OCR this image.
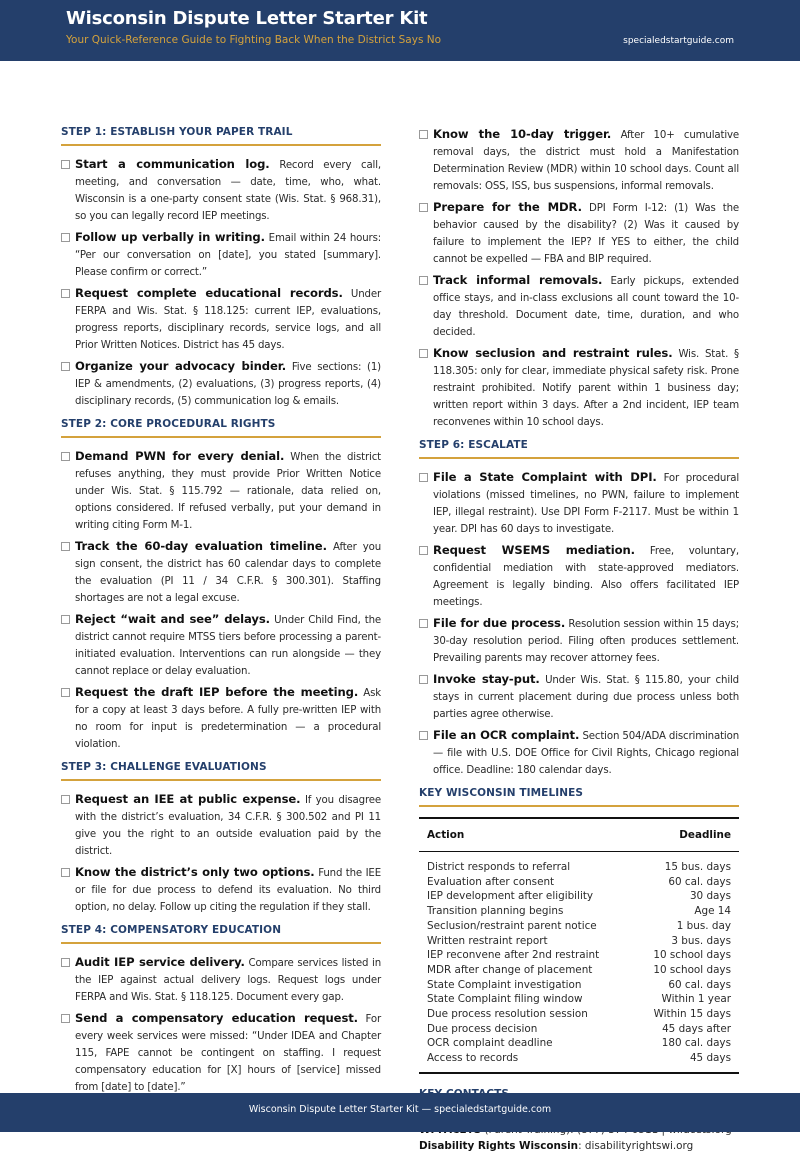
Wisconsin Dispute Letter Starter Kit
Your Quick-Reference Guide to Fighting Back When the District Says No	specialedstartguide.com
STEP 1: ESTABLISH YOUR PAPER TRAIL
Start a communication log. Record every call, meeting, and conversation — date, time, who, what. Wisconsin is a one-party consent state (Wis. Stat. § 968.31), so you can legally record IEP meetings.
Follow up verbally in writing. Email within 24 hours: “Per our conversation on [date], you stated [summary]. Please confirm or correct.”
Request complete educational records. Under FERPA and Wis. Stat. § 118.125: current IEP, evaluations, progress reports, disciplinary records, service logs, and all Prior Written Notices. District has 45 days.
Organize your advocacy binder. Five sections: (1) IEP & amendments, (2) evaluations, (3) progress reports, (4) disciplinary records, (5) communication log & emails.
STEP 2: CORE PROCEDURAL RIGHTS
Demand PWN for every denial. When the district refuses anything, they must provide Prior Written Notice under Wis. Stat. § 115.792 — rationale, data relied on, options considered. If refused verbally, put your demand in writing citing Form M-1.
Track the 60-day evaluation timeline. After you sign consent, the district has 60 calendar days to complete the evaluation (PI 11 / 34 C.F.R. § 300.301). Staffing shortages are not a legal excuse.
Reject “wait and see” delays. Under Child Find, the district cannot require MTSS tiers before processing a parent-initiated evaluation. Interventions can run alongside — they cannot replace or delay evaluation.
Request the draft IEP before the meeting. Ask for a copy at least 3 days before. A fully pre-written IEP with no room for input is predetermination — a procedural violation.
STEP 3: CHALLENGE EVALUATIONS
Request an IEE at public expense. If you disagree with the district’s evaluation, 34 C.F.R. § 300.502 and PI 11 give you the right to an outside evaluation paid by the district.
Know the district’s only two options. Fund the IEE or file for due process to defend its evaluation. No third option, no delay. Follow up citing the regulation if they stall.
STEP 4: COMPENSATORY EDUCATION
Audit IEP service delivery. Compare services listed in the IEP against actual delivery logs. Request logs under FERPA and Wis. Stat. § 118.125. Document every gap.
Send a compensatory education request. For every week services were missed: “Under IDEA and Chapter 115, FAPE cannot be contingent on staffing. I request compensatory education for [X] hours of [service] missed from [date] to [date].”
Know the 10-day trigger. After 10+ cumulative removal days, the district must hold a Manifestation Determination Review (MDR) within 10 school days. Count all removals: OSS, ISS, bus suspensions, informal removals.
Prepare for the MDR. DPI Form I-12: (1) Was the behavior caused by the disability? (2) Was it caused by failure to implement the IEP? If YES to either, the child cannot be expelled — FBA and BIP required.
Track informal removals. Early pickups, extended office stays, and in-class exclusions all count toward the 10-day threshold. Document date, time, duration, and who decided.
Know seclusion and restraint rules. Wis. Stat. § 118.305: only for clear, immediate physical safety risk. Prone restraint prohibited. Notify parent within 1 business day; written report within 3 days. After a 2nd incident, IEP team reconvenes within 10 school days.
STEP 6: ESCALATE
File a State Complaint with DPI. For procedural violations (missed timelines, no PWN, failure to implement IEP, illegal restraint). Use DPI Form F-2117. Must be within 1 year. DPI has 60 days to investigate.
Request WSEMS mediation. Free, voluntary, confidential mediation with state-approved mediators. Agreement is legally binding. Also offers facilitated IEP meetings.
File for due process. Resolution session within 15 days; 30-day resolution period. Filing often produces settlement. Prevailing parents may recover attorney fees.
Invoke stay-put. Under Wis. Stat. § 115.80, your child stays in current placement during due process unless both parties agree otherwise.
File an OCR complaint. Section 504/ADA discrimination — file with U.S. DOE Office for Civil Rights, Chicago regional office. Deadline: 180 calendar days.
KEY WISCONSIN TIMELINES
Action	Deadline
District responds to referral	15 bus. days
Evaluation after consent	60 cal. days
IEP development after eligibility	30 days
Transition planning begins	Age 14
Seclusion/restraint parent notice	1 bus. day
Written restraint report	3 bus. days
IEP reconvene after 2nd restraint	10 school days
MDR after change of placement	10 school days
State Complaint investigation	60 cal. days
State Complaint filing window	Within 1 year
Due process resolution session	Within 15 days
Due process decision	45 days after
OCR complaint deadline	180 cal. days
Access to records	45 days
Disability Rights Wisconsin: disabilityrightswi.org
Wisconsin Dispute Letter Starter Kit — specialedstartguide.com
